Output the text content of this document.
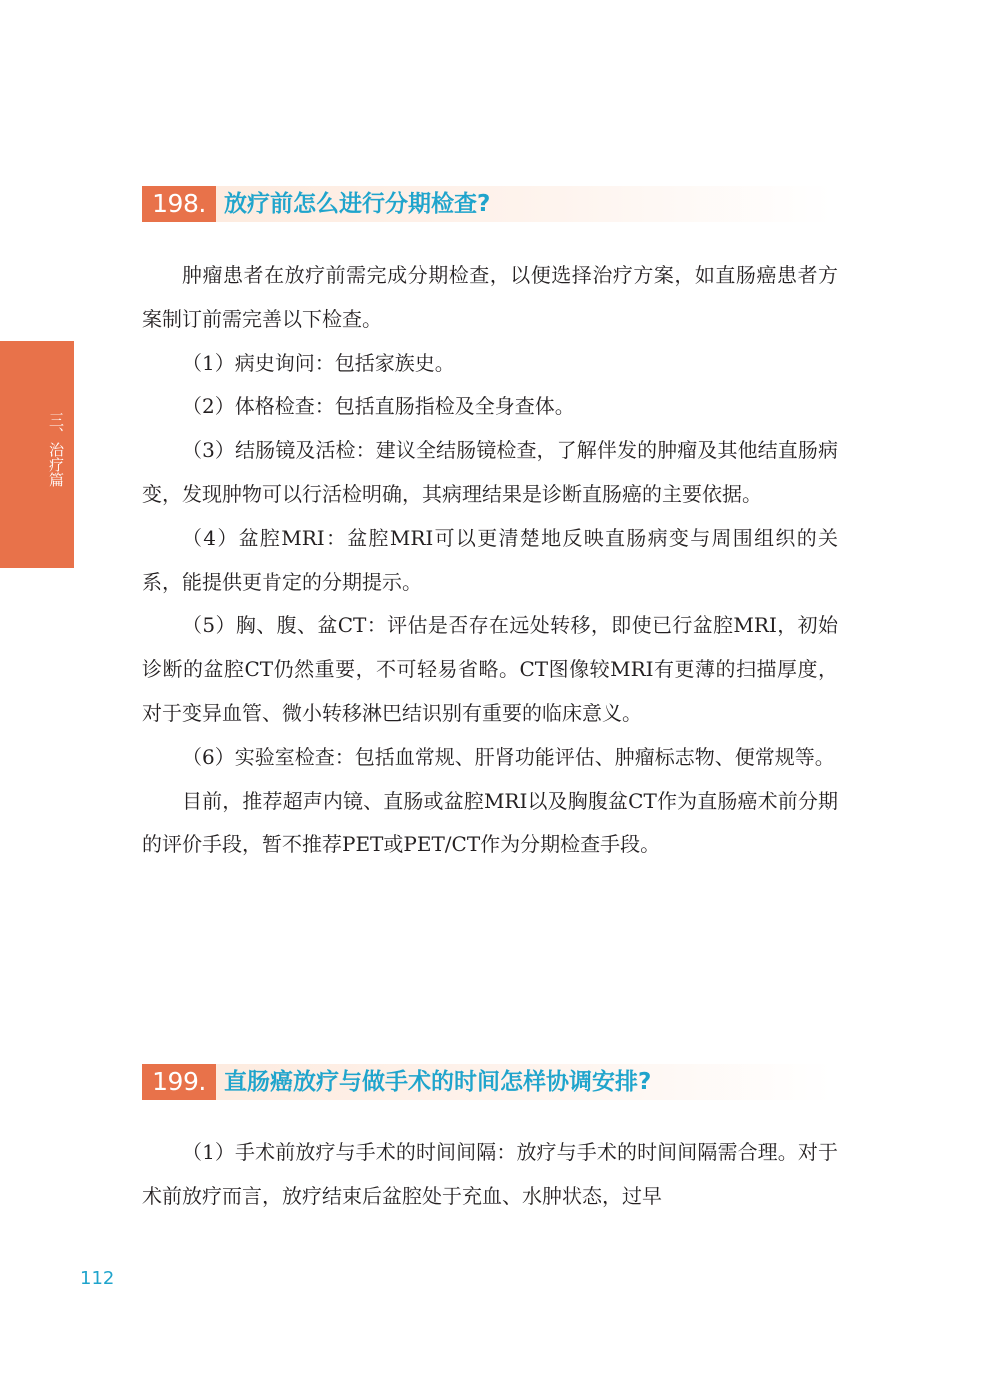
三、治疗篇
198. 放疗前怎么进行分期检查?

肿瘤患者在放疗前需完成分期检查，以便选择治疗方案，如直肠癌患者方案制订前需完善以下检查。

（1）病史询问：包括家族史。

（2）体格检查：包括直肠指检及全身查体。

（3）结肠镜及活检：建议全结肠镜检查，了解伴发的肿瘤及其他结直肠病变，发现肿物可以行活检明确，其病理结果是诊断直肠癌的主要依据。

（4）盆腔MRI：盆腔MRI可以更清楚地反映直肠病变与周围组织的关系，能提供更肯定的分期提示。

（5）胸、腹、盆CT：评估是否存在远处转移，即使已行盆腔MRI，初始诊断的盆腔CT仍然重要，不可轻易省略。CT图像较MRI有更薄的扫描厚度，对于变异血管、微小转移淋巴结识别有重要的临床意义。

（6）实验室检查：包括血常规、肝肾功能评估、肿瘤标志物、便常规等。

目前，推荐超声内镜、直肠或盆腔MRI以及胸腹盆CT作为直肠癌术前分期的评价手段，暂不推荐PET或PET/CT作为分期检查手段。

199. 直肠癌放疗与做手术的时间怎样协调安排?

（1）手术前放疗与手术的时间间隔：放疗与手术的时间间隔需合理。对于术前放疗而言，放疗结束后盆腔处于充血、水肿状态，过早

112
